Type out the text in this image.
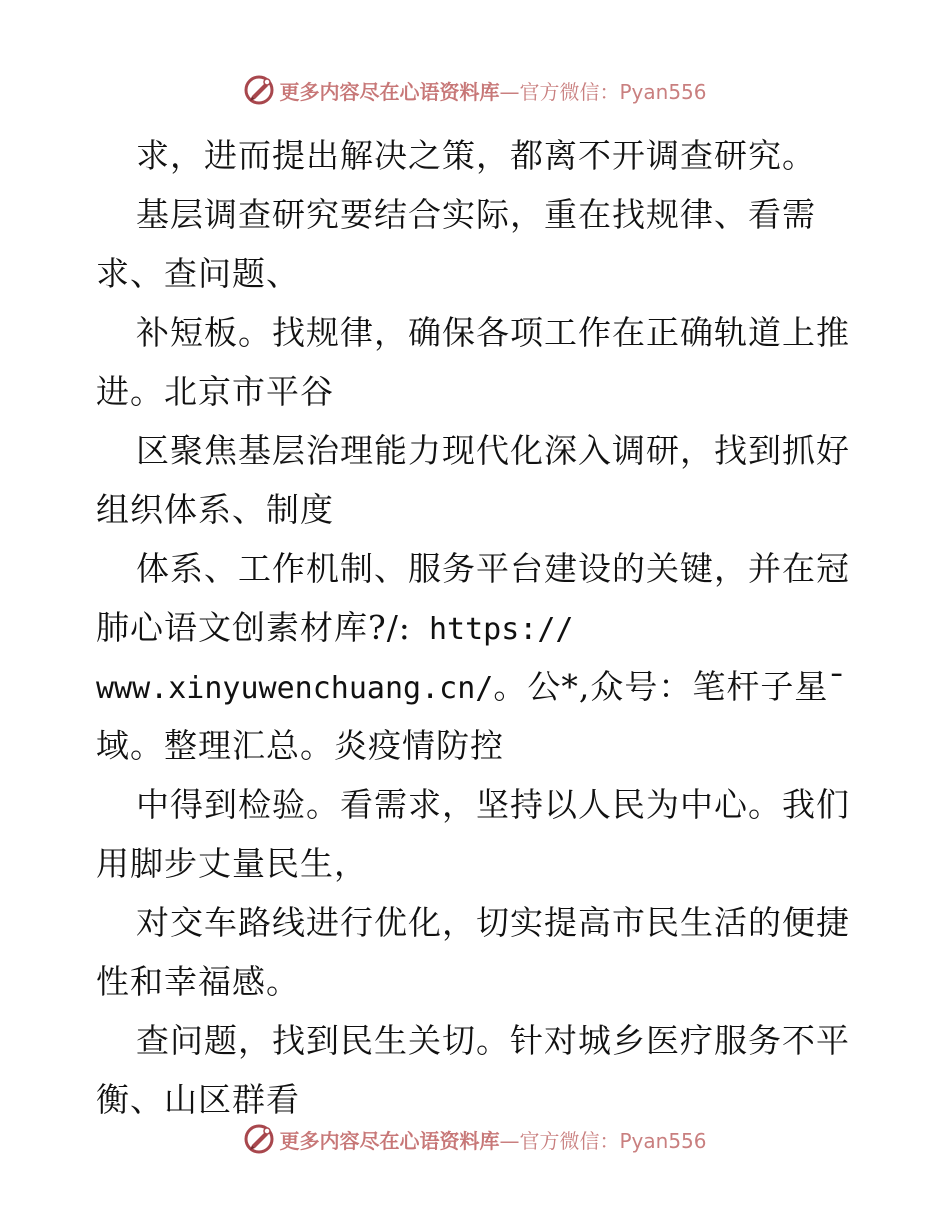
更多内容尽在心语资料库—官方微信：Pyan556
求，进而提出解决之策，都离不开调查研究。
基层调查研究要结合实际，重在找规律、看需
求、查问题、
补短板。找规律，确保各项工作在正确轨道上推
进。北京市平谷
区聚焦基层治理能力现代化深入调研，找到抓好
组织体系、制度
体系、工作机制、服务平台建设的关键，并在冠
肺心语文创素材库?/: https://
www.xinyuwenchuang.cn/。公*,众号：笔杆子星¯
域。整理汇总。炎疫情防控
中得到检验。看需求，坚持以人民为中心。我们
用脚步丈量民生，
对交车路线进行优化，切实提高市民生活的便捷
性和幸福感。
查问题，找到民生关切。针对城乡医疗服务不平
衡、山区群看
更多内容尽在心语资料库—官方微信：Pyan556
